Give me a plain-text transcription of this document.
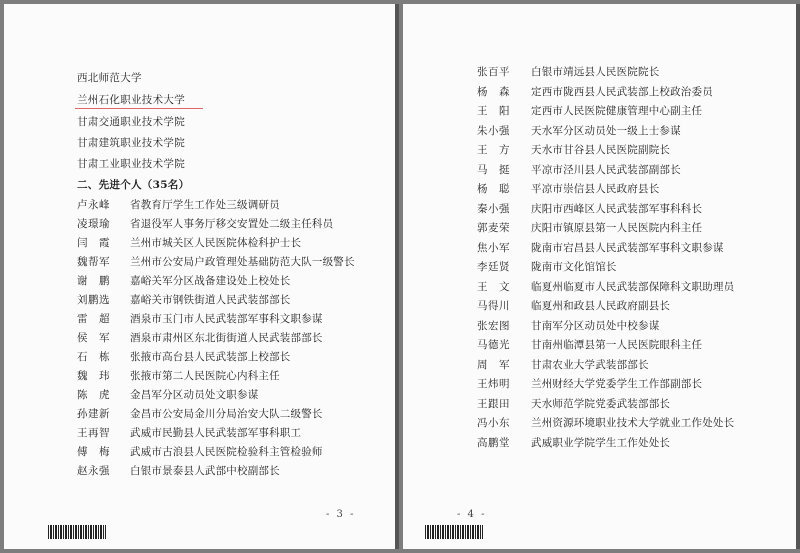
西北师范大学
兰州石化职业技术大学
甘肃交通职业技术学院
甘肃建筑职业技术学院
甘肃工业职业技术学院
二、先进个人（35名）
卢永峰 省教育厅学生工作处三级调研员
凌璟瑜 省退役军人事务厅移交安置处二级主任科员
闫　霞 兰州市城关区人民医院体检科护士长
魏帮军 兰州市公安局户政管理处基础防范大队一级警长
谢　鹏 嘉峪关军分区战备建设处上校处长
刘鹏选 嘉峪关市钢铁街道人民武装部部长
雷　超 酒泉市玉门市人民武装部军事科文职参谋
侯　军 酒泉市肃州区东北街街道人民武装部部长
石　栋 张掖市高台县人民武装部上校部长
魏　玮 张掖市第二人民医院心内科主任
陈　虎 金昌军分区动员处文职参谋
孙建新 金昌市公安局金川分局治安大队二级警长
王再智 武威市民勤县人民武装部军事科职工
傅　梅 武威市古浪县人民医院检验科主管检验师
赵永强 白银市景泰县人武部中校副部长
- 3 -
张百平 白银市靖远县人民医院院长
杨　森 定西市陇西县人民武装部上校政治委员
王　阳 定西市人民医院健康管理中心副主任
朱小强 天水军分区动员处一级上士参谋
王　方 天水市甘谷县人民医院副院长
马　挺 平凉市泾川县人民武装部副部长
杨　聪 平凉市崇信县人民政府县长
秦小强 庆阳市西峰区人民武装部军事科科长
郭麦荣 庆阳市镇原县第一人民医院内科主任
焦小军 陇南市宕昌县人民武装部军事科文职参谋
李廷贤 陇南市文化馆馆长
王　文 临夏州临夏市人民武装部保障科文职助理员
马得川 临夏州和政县人民政府副县长
张宏图 甘南军分区动员处中校参谋
马德光 甘南州临潭县第一人民医院眼科主任
周　军 甘肃农业大学武装部部长
王炜明 兰州财经大学党委学生工作部副部长
王跟田 天水师范学院党委武装部部长
冯小东 兰州资源环境职业技术大学就业工作处处长
高鹏堂 武威职业学院学生工作处处长
- 4 -
